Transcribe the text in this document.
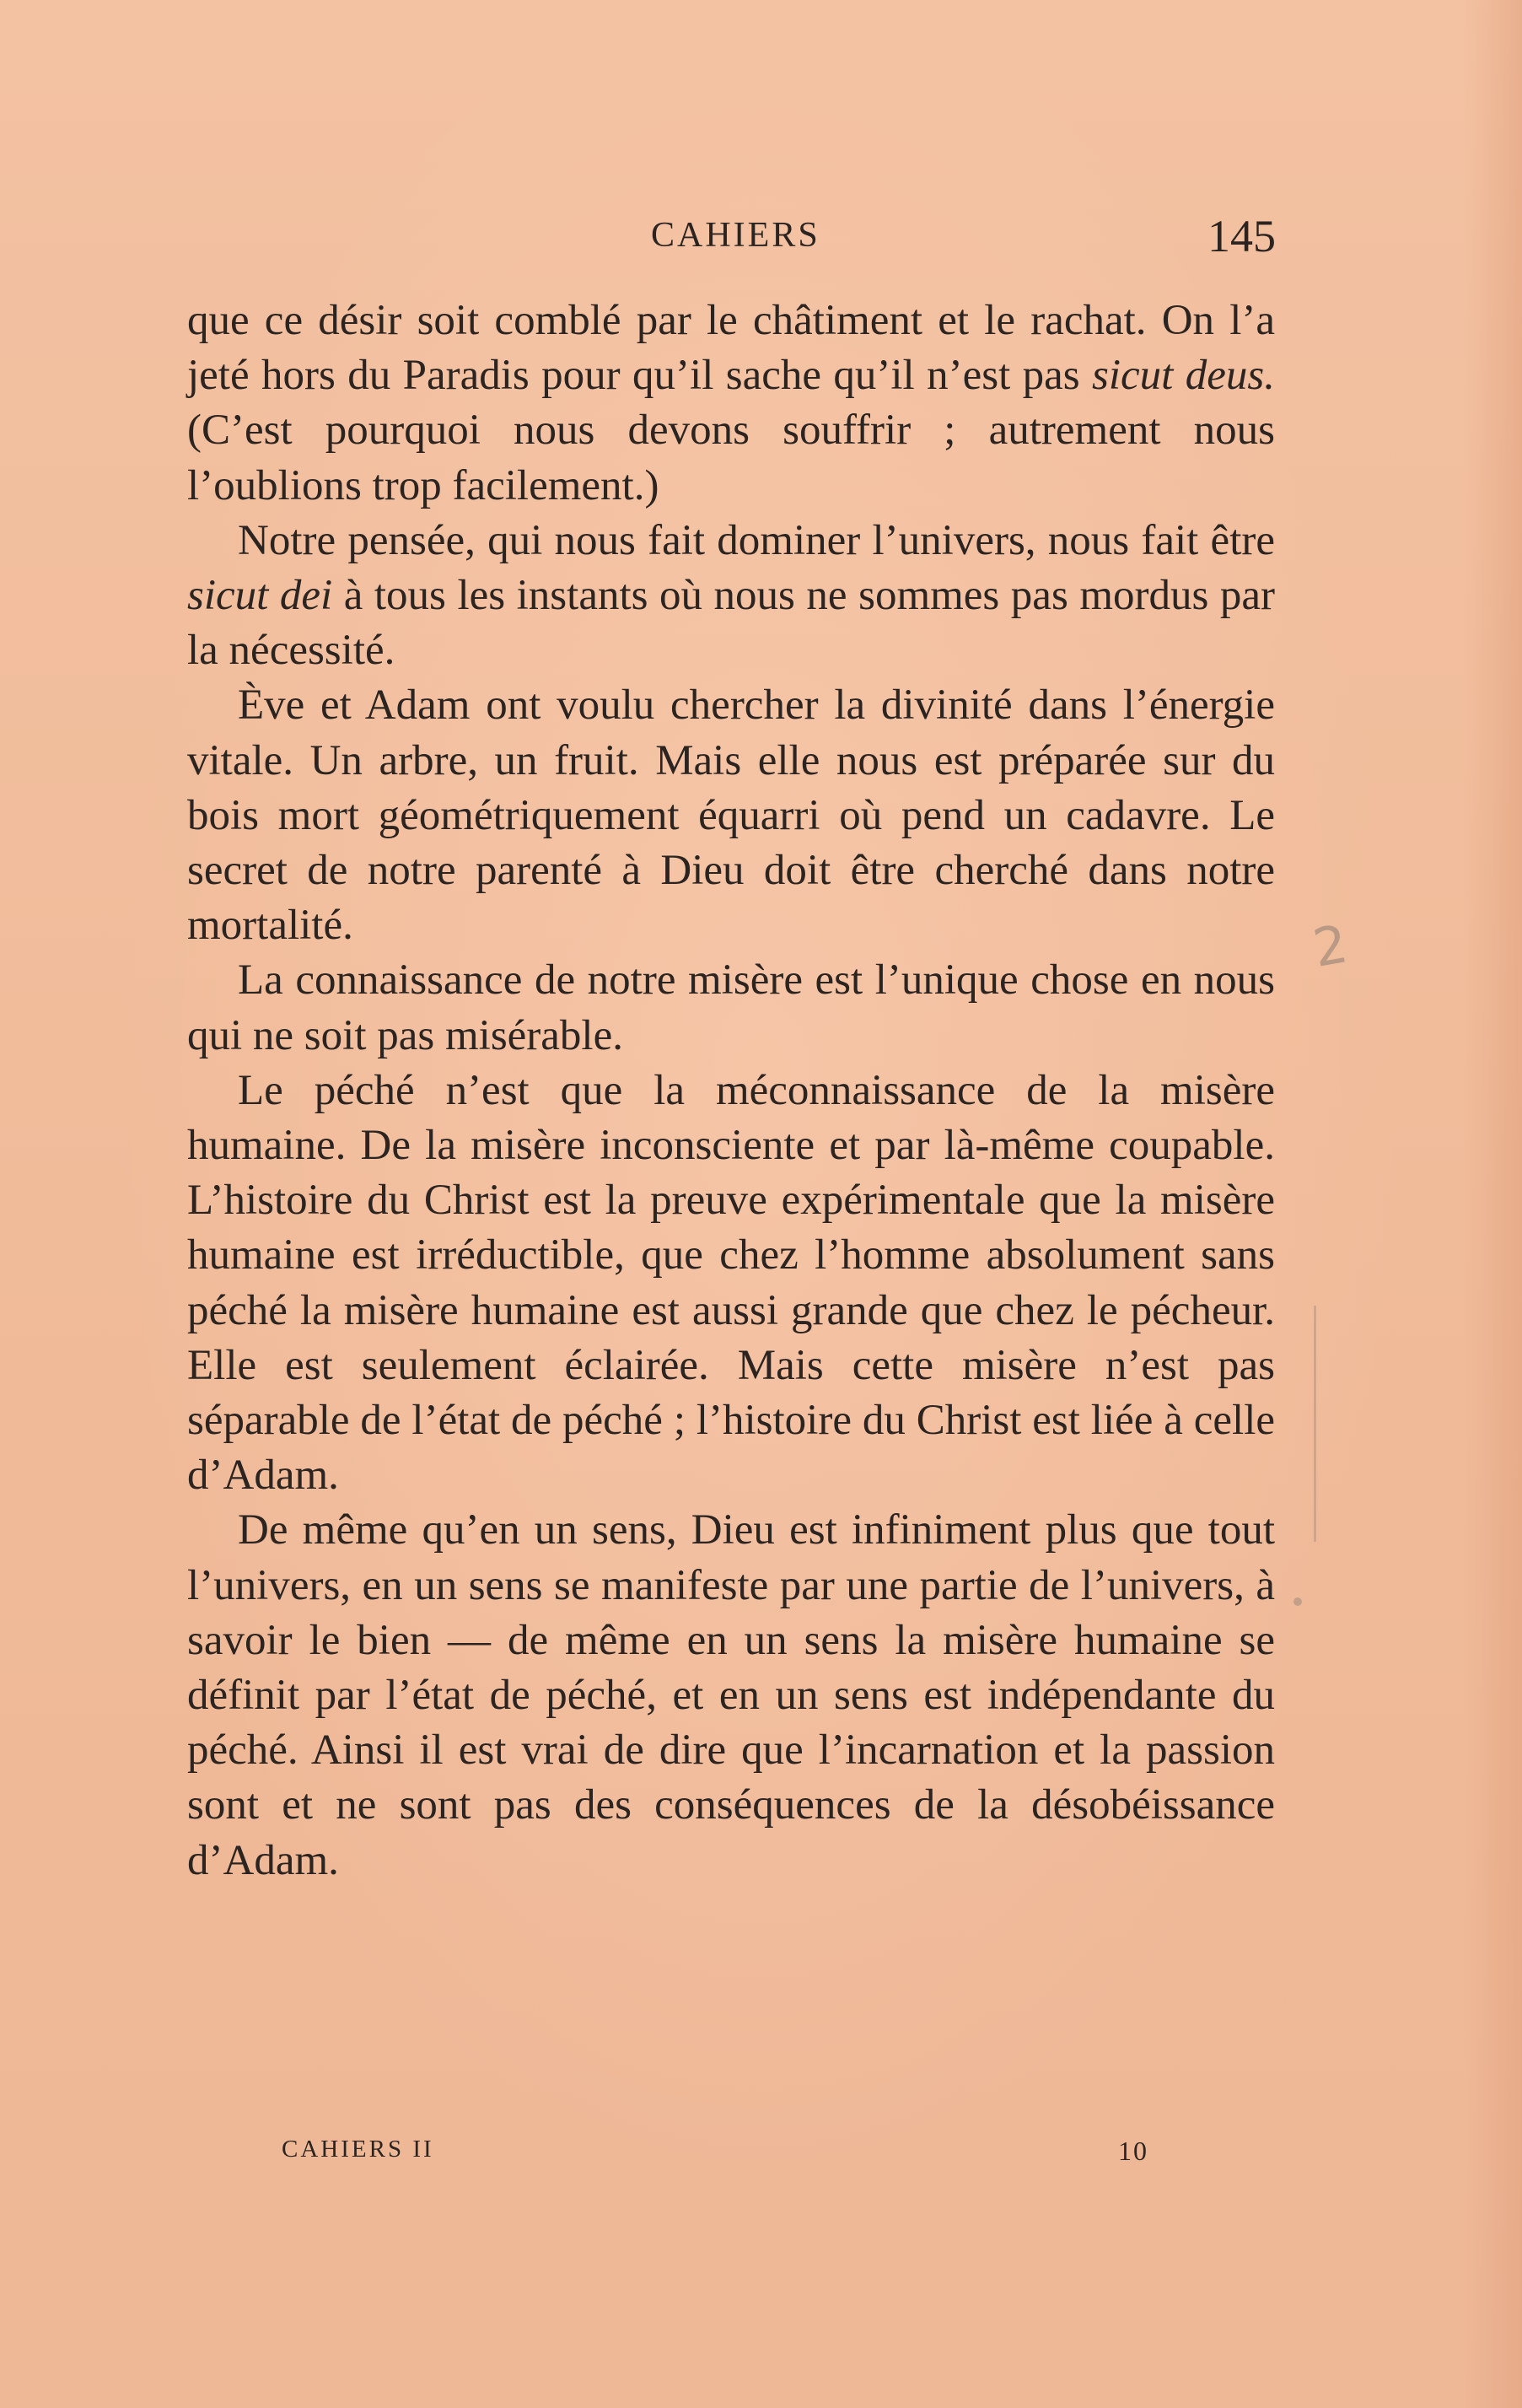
CAHIERS	145

que ce désir soit comblé par le châtiment et le rachat. On l’a jeté hors du Paradis pour qu’il sache qu’il n’est pas sicut deus. (C’est pourquoi nous devons souffrir ; autrement nous l’oublions trop facilement.)

Notre pensée, qui nous fait dominer l’univers, nous fait être sicut dei à tous les instants où nous ne sommes pas mordus par la nécessité.

Ève et Adam ont voulu chercher la divinité dans l’énergie vitale. Un arbre, un fruit. Mais elle nous est préparée sur du bois mort géométriquement équarri où pend un cadavre. Le secret de notre parenté à Dieu doit être cherché dans notre mortalité.

La connaissance de notre misère est l’unique chose en nous qui ne soit pas misérable.

Le péché n’est que la méconnaissance de la misère humaine. De la misère inconsciente et par là-même coupable. L’histoire du Christ est la preuve expérimentale que la misère humaine est irréductible, que chez l’homme absolument sans péché la misère humaine est aussi grande que chez le pécheur. Elle est seulement éclairée. Mais cette misère n’est pas séparable de l’état de péché ; l’histoire du Christ est liée à celle d’Adam.

De même qu’en un sens, Dieu est infiniment plus que tout l’univers, en un sens se manifeste par une partie de l’univers, à savoir le bien — de même en un sens la misère humaine se définit par l’état de péché, et en un sens est indépendante du péché. Ainsi il est vrai de dire que l’incarnation et la passion sont et ne sont pas des conséquences de la désobéissance d’Adam.

2
CAHIERS II	10
